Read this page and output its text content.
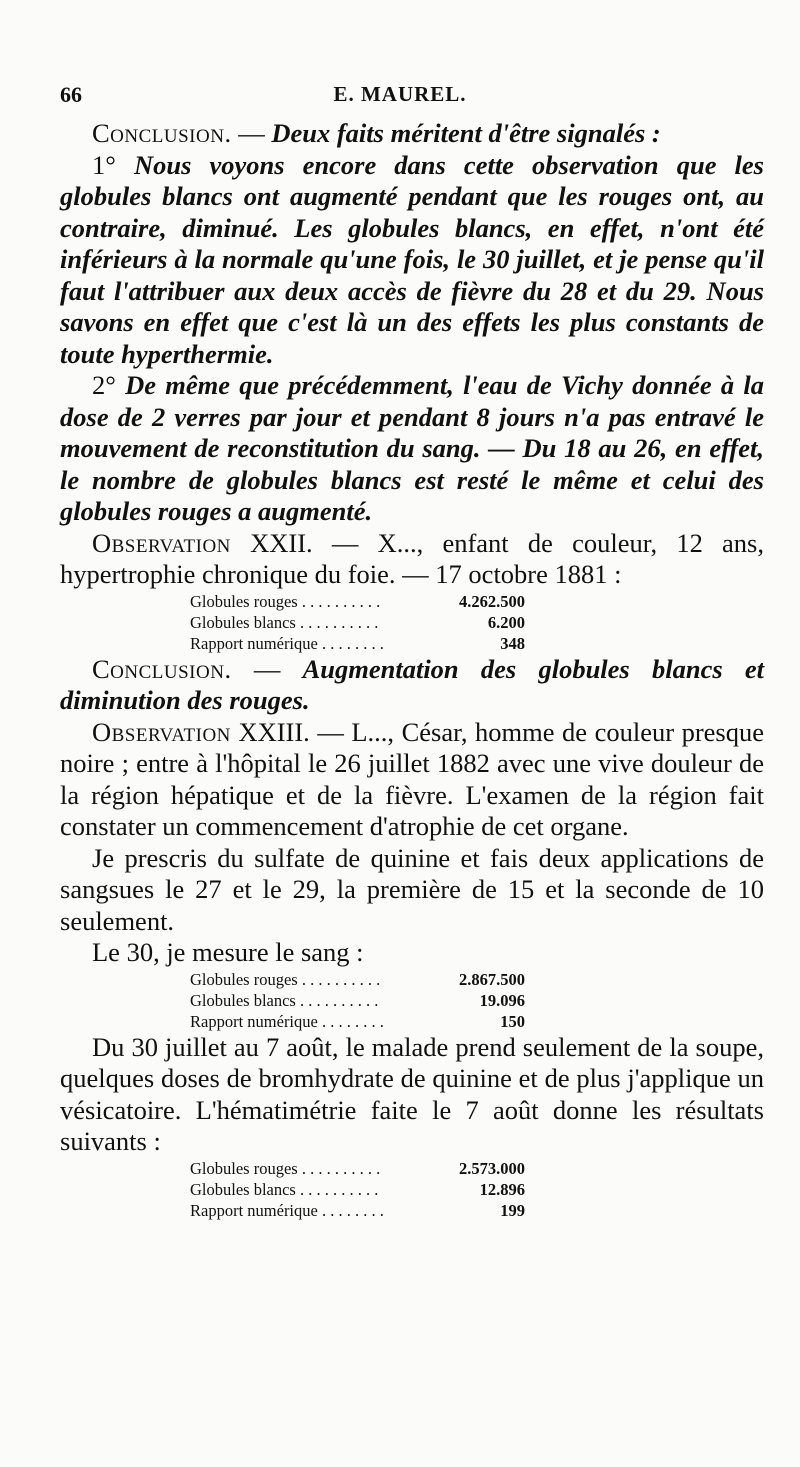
66	E. MAUREL.

Conclusion. — Deux faits méritent d'être signalés :

1° Nous voyons encore dans cette observation que les globules blancs ont augmenté pendant que les rouges ont, au contraire, diminué. Les globules blancs, en effet, n'ont été inférieurs à la normale qu'une fois, le 30 juillet, et je pense qu'il faut l'attribuer aux deux accès de fièvre du 28 et du 29. Nous savons en effet que c'est là un des effets les plus constants de toute hyperthermie.

2° De même que précédemment, l'eau de Vichy donnée à la dose de 2 verres par jour et pendant 8 jours n'a pas entravé le mouvement de reconstitution du sang. — Du 18 au 26, en effet, le nombre de globules blancs est resté le même et celui des globules rouges a augmenté.

Observation XXII. — X..., enfant de couleur, 12 ans, hypertrophie chronique du foie. — 17 octobre 1881 :

Globules rouges . . . . . . . . . .	4.262.500
Globules blancs . . . . . . . . . .	6.200
Rapport numérique . . . . . . . .	348

Conclusion. — Augmentation des globules blancs et diminution des rouges.

Observation XXIII. — L..., César, homme de couleur presque noire ; entre à l'hôpital le 26 juillet 1882 avec une vive douleur de la région hépatique et de la fièvre. L'examen de la région fait constater un commencement d'atrophie de cet organe.

Je prescris du sulfate de quinine et fais deux applications de sangsues le 27 et le 29, la première de 15 et la seconde de 10 seulement.

Le 30, je mesure le sang :

Globules rouges . . . . . . . . . .	2.867.500
Globules blancs . . . . . . . . . .	19.096
Rapport numérique . . . . . . . .	150

Du 30 juillet au 7 août, le malade prend seulement de la soupe, quelques doses de bromhydrate de quinine et de plus j'applique un vésicatoire. L'hématimétrie faite le 7 août donne les résultats suivants :

Globules rouges . . . . . . . . . .	2.573.000
Globules blancs . . . . . . . . . .	12.896
Rapport numérique . . . . . . . .	199
